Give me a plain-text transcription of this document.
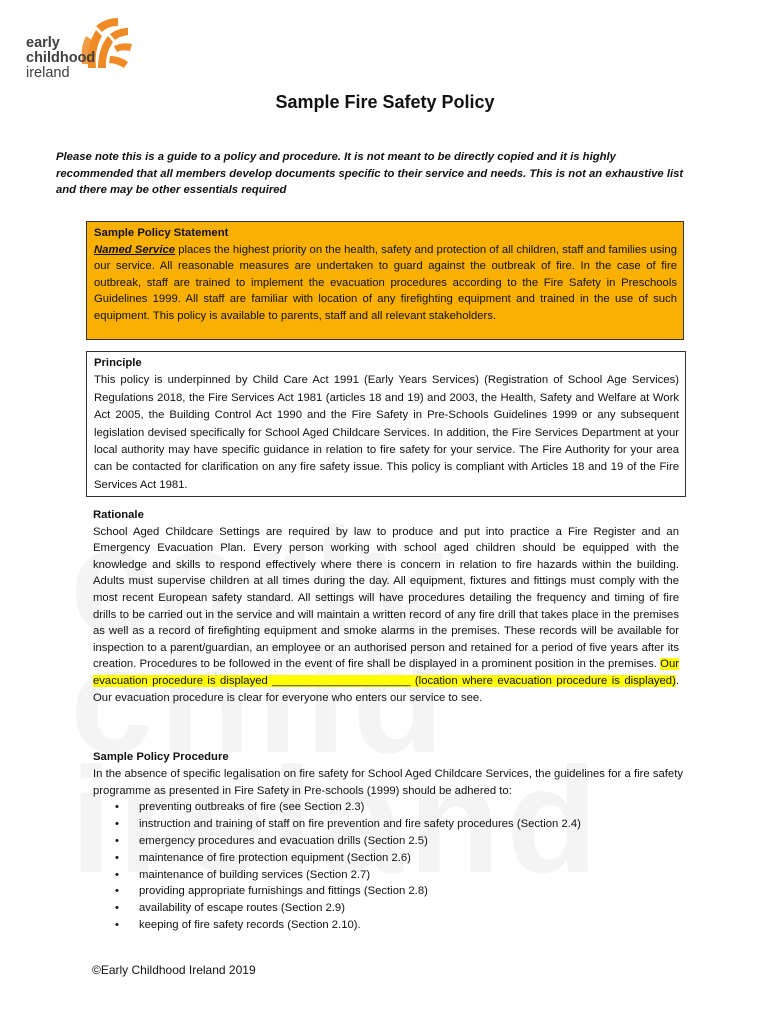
early
childhood
ireland
Sample Fire Safety Policy
Please note this is a guide to a policy and procedure. It is not meant to be directly copied and it is highly recommended that all members develop documents specific to their service and needs. This is not an exhaustive list and there may be other essentials required
Sample Policy Statement
Named Service places the highest priority on the health, safety and protection of all children, staff and families using our service. All reasonable measures are undertaken to guard against the outbreak of fire. In the case of fire outbreak, staff are trained to implement the evacuation procedures according to the Fire Safety in Preschools Guidelines 1999. All staff are familiar with location of any firefighting equipment and trained in the use of such equipment. This policy is available to parents, staff and all relevant stakeholders.
Principle
This policy is underpinned by Child Care Act 1991 (Early Years Services) (Registration of School Age Services) Regulations 2018, the Fire Services Act 1981 (articles 18 and 19) and 2003, the Health, Safety and Welfare at Work Act 2005, the Building Control Act 1990 and the Fire Safety in Pre-Schools Guidelines 1999 or any subsequent legislation devised specifically for School Aged Childcare Services. In addition, the Fire Services Department at your local authority may have specific guidance in relation to fire safety for your service. The Fire Authority for your area can be contacted for clarification on any fire safety issue. This policy is compliant with Articles 18 and 19 of the Fire Services Act 1981.
Rationale
School Aged Childcare Settings are required by law to produce and put into practice a Fire Register and an Emergency Evacuation Plan. Every person working with school aged children should be equipped with the knowledge and skills to respond effectively where there is concern in relation to fire hazards within the building. Adults must supervise children at all times during the day. All equipment, fixtures and fittings must comply with the most recent European safety standard. All settings will have procedures detailing the frequency and timing of fire drills to be carried out in the service and will maintain a written record of any fire drill that takes place in the premises as well as a record of firefighting equipment and smoke alarms in the premises. These records will be available for inspection to a parent/guardian, an employee or an authorised person and retained for a period of five years after its creation. Procedures to be followed in the event of fire shall be displayed in a prominent position in the premises. Our evacuation procedure is displayed ______________________ (location where evacuation procedure is displayed). Our evacuation procedure is clear for everyone who enters our service to see.
Sample Policy Procedure
In the absence of specific legalisation on fire safety for School Aged Childcare Services, the guidelines for a fire safety programme as presented in Fire Safety in Pre-schools (1999) should be adhered to:
• preventing outbreaks of fire (see Section 2.3)
• instruction and training of staff on fire prevention and fire safety procedures (Section 2.4)
• emergency procedures and evacuation drills (Section 2.5)
• maintenance of fire protection equipment (Section 2.6)
• maintenance of building services (Section 2.7)
• providing appropriate furnishings and fittings (Section 2.8)
• availability of escape routes (Section 2.9)
• keeping of fire safety records (Section 2.10).
©Early Childhood Ireland 2019
